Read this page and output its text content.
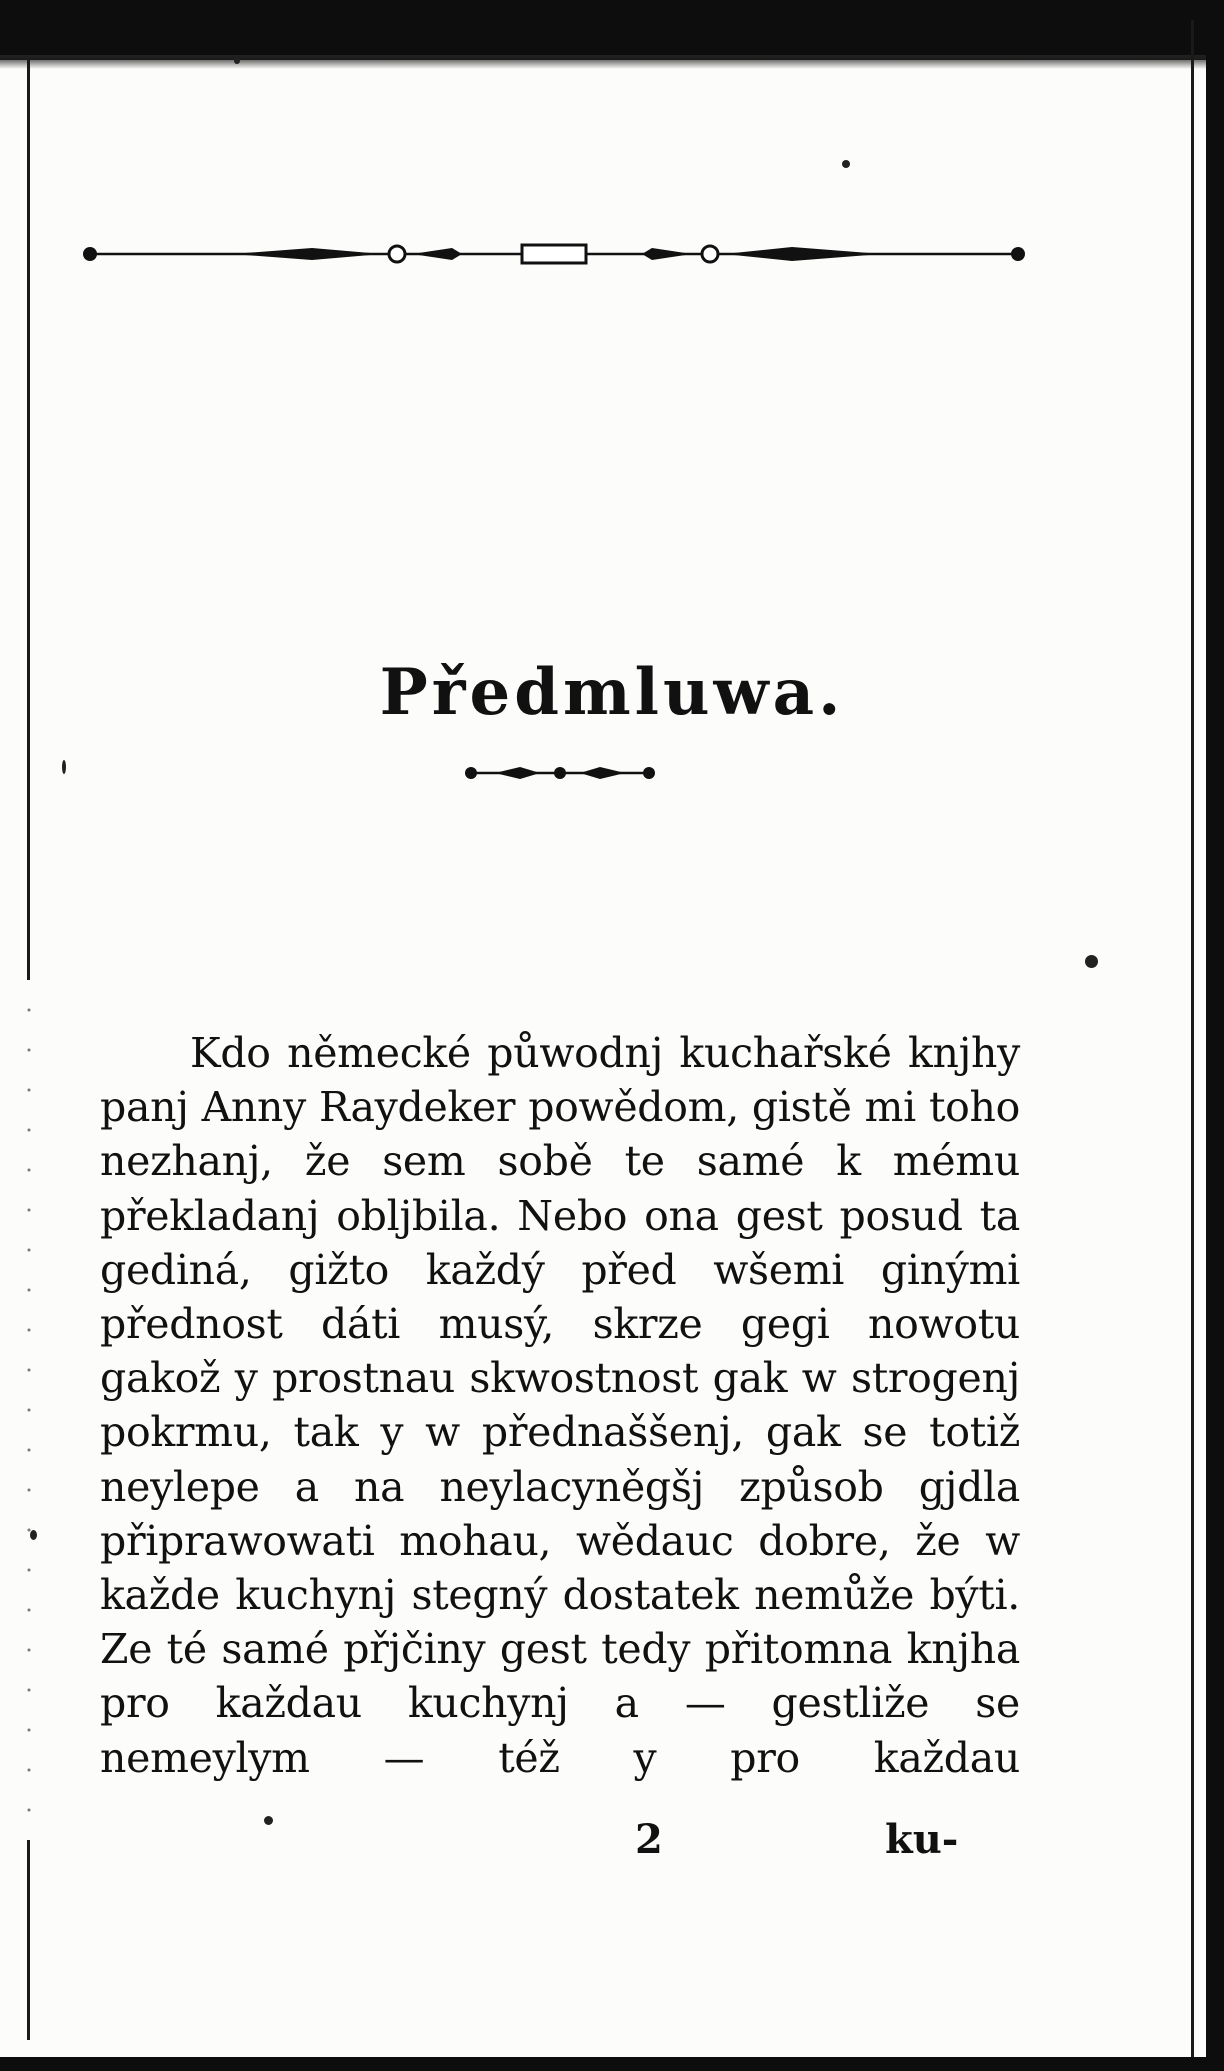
Předmluwa.

Kdo německé půwodnj kuchařské knjhy panj Anny Raydeker powědom, gistě mi toho nezhanj, že sem sobě te samé k mému překladanj obljbila. Nebo ona gest posud ta gediná, gižto každý před wšemi ginými přednost dáti musý, skrze gegi nowotu gakož y prostnau skwostnost gak w strogenj pokrmu, tak y w přednaššenj, gak se totiž neylepe a na neylacyněgšj způsob gjdla připrawowati mohau, wědauc dobre, že w každe kuchynj stegný dostatek nemůže býti. Ze té samé přjčiny gest tedy přitomna knjha pro každau kuchynj a — gestliže se nemeylym — též y pro každau

2	ku-
